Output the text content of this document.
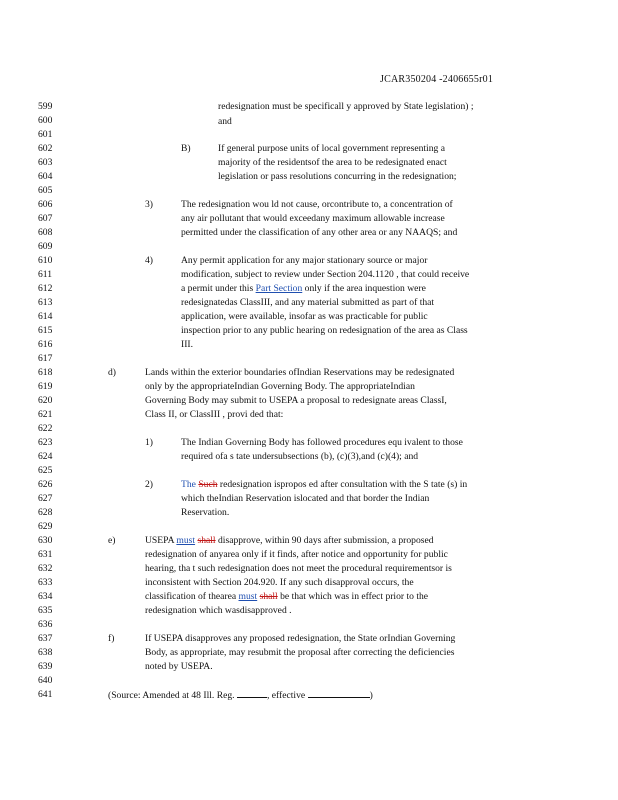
JCAR350204 -2406655r01
599
600
601
602
603
604
605
606
607
608
609
610
611
612
613
614
615
616
617
618
619
620
621
622
623
624
625
626
627
628
629
630
631
632
633
634
635
636
637
638
639
640
641
redesignation must be specificall y approved by State legislation) ;
and
B)	If general purpose units of local government representing a
majority of the residentsof the area to be redesignated enact
legislation or pass resolutions concurring in the redesignation;
3)	The redesignation wou ld not cause, orcontribute to, a concentration of
any air pollutant that would exceedany maximum allowable increase
permitted under the classification of any other area or any NAAQS; and
4)	Any permit application for any major stationary source or major
modification, subject to review under Section 204.1120 , that could receive
a permit under this Part Section only if the area inquestion were
redesignatedas ClassIII, and any material submitted as part of that
application, were available, insofar as was practicable for public
inspection prior to any public hearing on redesignation of the area as Class
III.
d)	Lands within the exterior boundaries ofIndian Reservations may be redesignated
only by the appropriateIndian Governing Body. The appropriateIndian
Governing Body may submit to USEPA a proposal to redesignate areas ClassI,
Class II, or ClassIII , provi ded that:
1)	The Indian Governing Body has followed procedures equ ivalent to those
required ofa s tate undersubsections (b), (c)(3),and (c)(4); and
2)	The Such redesignation ispropos ed after consultation with the S tate (s) in
which theIndian Reservation islocated and that border the Indian
Reservation.
e)	USEPA must shall disapprove, within 90 days after submission, a proposed
redesignation of anyarea only if it finds, after notice and opportunity for public
hearing, tha t such redesignation does not meet the procedural requirementsor is
inconsistent with Section 204.920. If any such disapproval occurs, the
classification of thearea must shall be that which was in effect prior to the
redesignation which wasdisapproved .
f)	If USEPA disapproves any proposed redesignation, the State orIndian Governing
Body, as appropriate, may resubmit the proposal after correcting the deficiencies
noted by USEPA.
(Source: Amended at 48 Ill. Reg.	, effective	)
